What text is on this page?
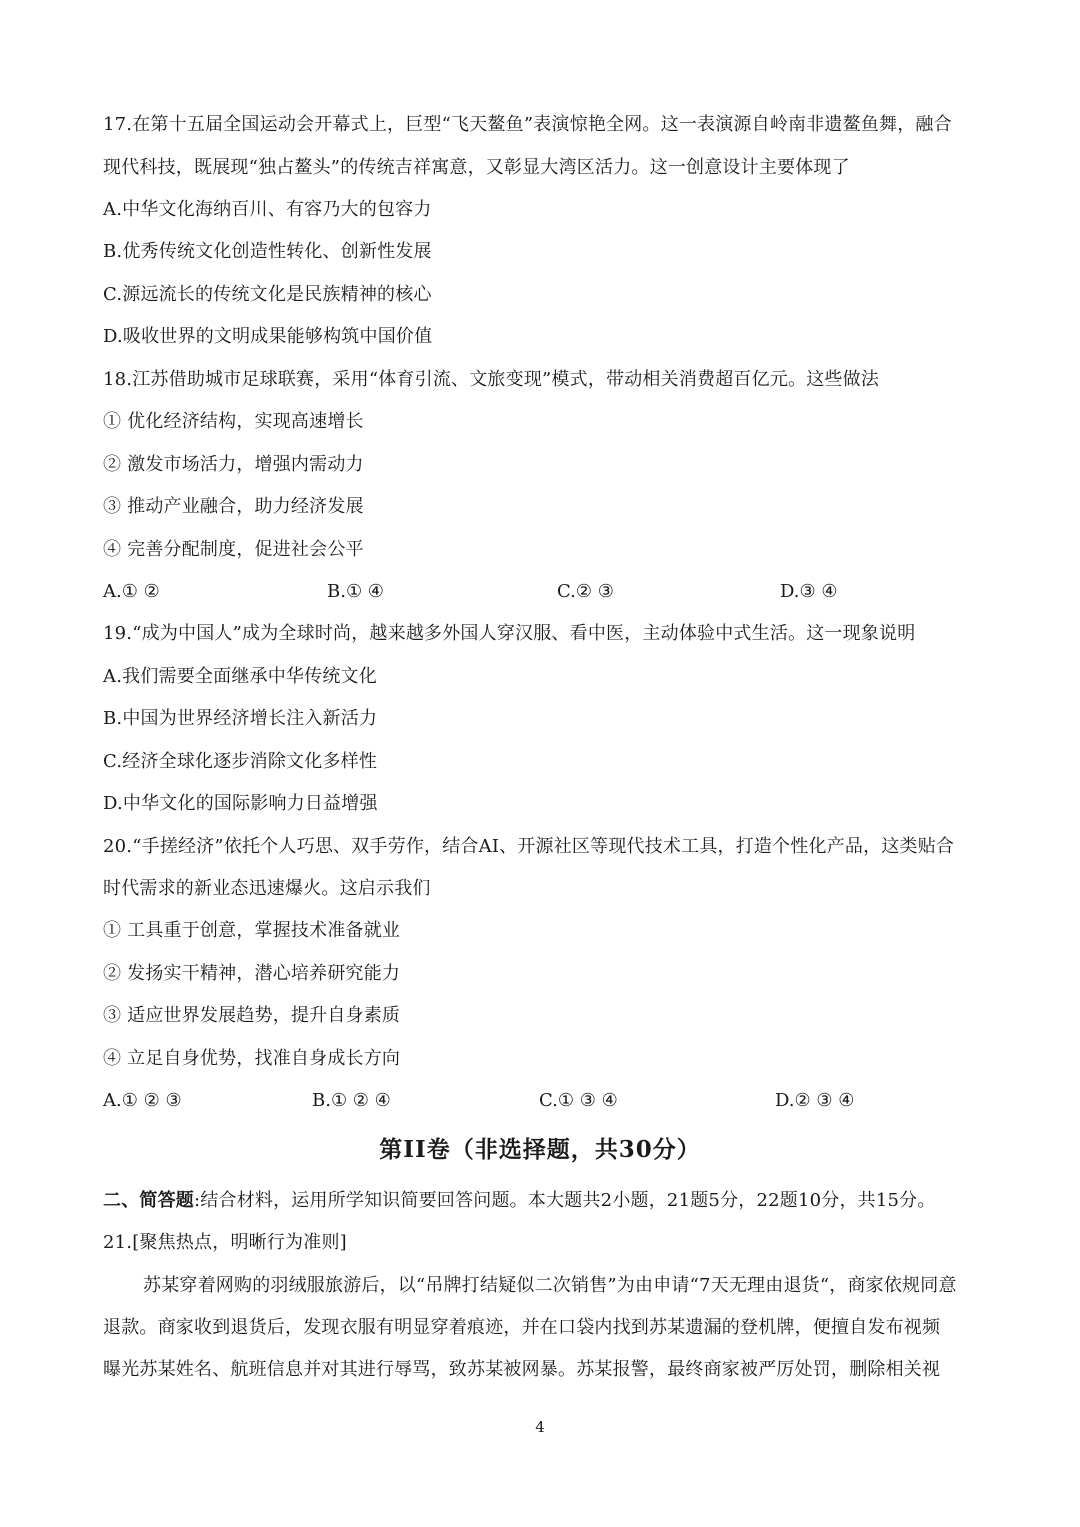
17.在第十五届全国运动会开幕式上，巨型“飞天鳌鱼”表演惊艳全网。这一表演源自岭南非遗鳌鱼舞，融合
现代科技，既展现“独占鳌头”的传统吉祥寓意，又彰显大湾区活力。这一创意设计主要体现了
A.中华文化海纳百川、有容乃大的包容力
B.优秀传统文化创造性转化、创新性发展
C.源远流长的传统文化是民族精神的核心
D.吸收世界的文明成果能够构筑中国价值
18.江苏借助城市足球联赛，采用“体育引流、文旅变现”模式，带动相关消费超百亿元。这些做法
① 优化经济结构，实现高速增长
② 激发市场活力，增强内需动力
③ 推动产业融合，助力经济发展
④ 完善分配制度，促进社会公平
A.① ②	B.① ④	C.② ③	D.③ ④
19.“成为中国人”成为全球时尚，越来越多外国人穿汉服、看中医，主动体验中式生活。这一现象说明
A.我们需要全面继承中华传统文化
B.中国为世界经济增长注入新活力
C.经济全球化逐步消除文化多样性
D.中华文化的国际影响力日益增强
20.“手搓经济”依托个人巧思、双手劳作，结合AI、开源社区等现代技术工具，打造个性化产品，这类贴合
时代需求的新业态迅速爆火。这启示我们
① 工具重于创意，掌握技术准备就业
② 发扬实干精神，潜心培养研究能力
③ 适应世界发展趋势，提升自身素质
④ 立足自身优势，找准自身成长方向
A.① ② ③	B.① ② ④	C.① ③ ④	D.② ③ ④
第II卷（非选择题，共30分）
二、简答题:结合材料，运用所学知识简要回答问题。本大题共2小题，21题5分，22题10分，共15分。
21.[聚焦热点，明晰行为准则]
苏某穿着网购的羽绒服旅游后，以“吊牌打结疑似二次销售”为由申请“7天无理由退货“，商家依规同意
退款。商家收到退货后，发现衣服有明显穿着痕迹，并在口袋内找到苏某遗漏的登机牌，便擅自发布视频
曝光苏某姓名、航班信息并对其进行辱骂，致苏某被网暴。苏某报警，最终商家被严厉处罚，删除相关视
4
